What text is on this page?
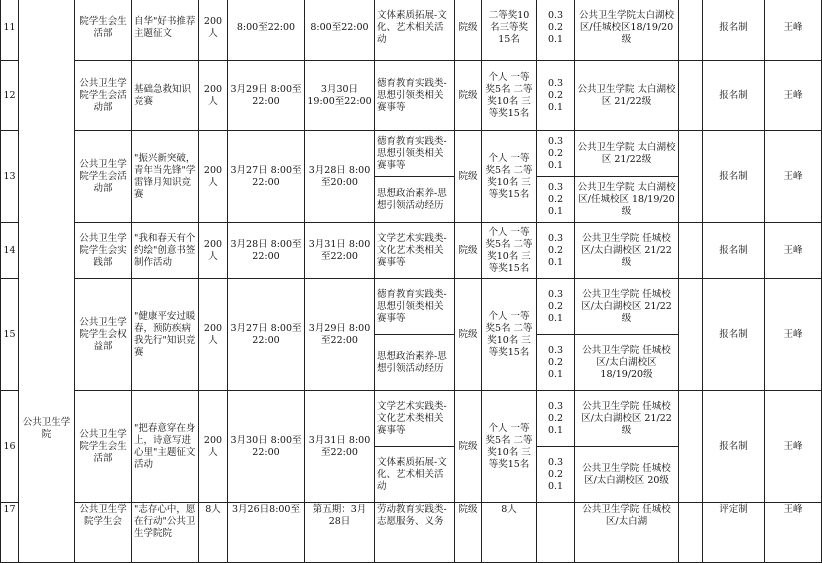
11	公共卫生学院	院学生会生活部	自华"好书推荐主题征文	200人	8:00至22:00	8:00至22:00	文体素质拓展-文化、艺术相关活动	院级	二等奖10名三等奖15名	0.3
0.2
0.1	公共卫生学院太白湖校区/任城校区18/19/20级		报名制	王峰
12		公共卫生学院学生会活动部	基础急救知识竞赛	200人	3月29日 8:00至22:00	3月30日 19:00至22:00	德育教育实践类-思想引领类相关赛事等	院级	个人 一等奖5名 二等奖10名 三等奖15名	0.3
0.2
0.1	公共卫生学院 太白湖校区 21/22级		报名制	王峰
13		公共卫生学院学生会活动部	"振兴新突破，青年当先锋"学雷锋月知识竞赛	200人	3月27日 8:00至22:00	3月28日 8:00至20:00	德育教育实践类-思想引领类相关赛事等	院级	个人 一等奖5名 二等奖10名 三等奖15名	0.3
0.2
0.1	公共卫生学院 太白湖校区 21/22级		报名制	王峰
							思想政治素养-思想引领活动经历			0.3
0.2
0.1	公共卫生学院 太白湖校区/任城校区 18/19/20级			
14		公共卫生学院学生会实践部	"我和春天有个约绘"创意书签制作活动	200人	3月28日 8:00至22:00	3月31日 8:00至22:00	文学艺术实践类-文化艺术类相关赛事等	院级	个人 一等奖5名 二等奖10名 三等奖15名	0.3
0.2
0.1	公共卫生学院 任城校区/太白湖校区 21/22级		报名制	王峰
15		公共卫生学院学生会权益部	"健康平安过暖春，预防疾病我先行"知识竞赛	200人	3月27日 8:00至22:00	3月29日 8:00至22:00	德育教育实践类-思想引领类相关赛事等	院级	个人 一等奖5名 二等奖10名 三等奖15名	0.3
0.2
0.1	公共卫生学院 任城校区/太白湖校区 21/22级		报名制	王峰
							思想政治素养-思想引领活动经历			0.3
0.2
0.1	公共卫生学院 任城校区/太白湖校区 18/19/20级			
16		公共卫生学院学生会生活部	"把春意穿在身上，诗意写进心里"主题征文活动	200人	3月30日 8:00至22:00	3月31日 8:00至22:00	文学艺术实践类-文化艺术类相关赛事等	院级	个人 一等奖5名 二等奖10名 三等奖15名	0.3
0.2
0.1	公共卫生学院 任城校区/太白湖校区 21/22级		报名制	王峰
							文体素质拓展-文化、艺术相关活动			0.3
0.2
0.1	公共卫生学院 任城校区/太白湖校区 20级			
17		公共卫生学院学生会	"志存心中，愿在行动"公共卫生学院院	8人	3月26日8:00至	第五期：3月28日	劳动教育实践类-志愿服务、义务	院级	8人		公共卫生学院 任城校区/太白湖		评定制	王峰
